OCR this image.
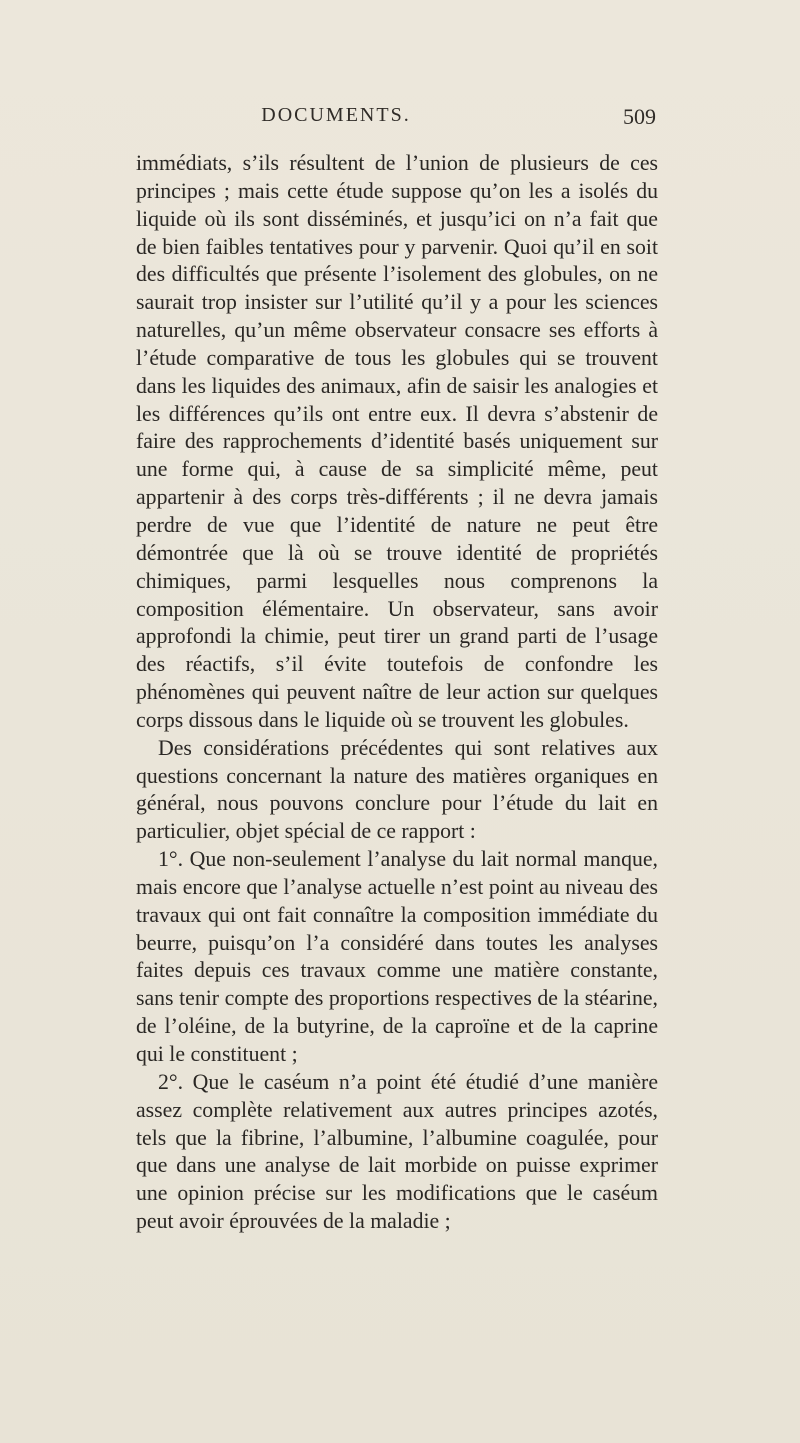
DOCUMENTS.	509

immédiats, s’ils résultent de l’union de plusieurs de ces principes ; mais cette étude suppose qu’on les a isolés du liquide où ils sont disséminés, et jusqu’ici on n’a fait que de bien faibles tentatives pour y parvenir. Quoi qu’il en soit des difficultés que présente l’isolement des globules, on ne saurait trop insister sur l’utilité qu’il y a pour les sciences naturelles, qu’un même observateur consacre ses efforts à l’étude comparative de tous les globules qui se trouvent dans les liquides des animaux, afin de saisir les analogies et les différences qu’ils ont entre eux. Il devra s’abstenir de faire des rapprochements d’identité basés uniquement sur une forme qui, à cause de sa simplicité même, peut appartenir à des corps très-différents ; il ne devra jamais perdre de vue que l’identité de nature ne peut être démontrée que là où se trouve identité de propriétés chimiques, parmi lesquelles nous comprenons la composition élémentaire. Un observateur, sans avoir approfondi la chimie, peut tirer un grand parti de l’usage des réactifs, s’il évite toutefois de confondre les phénomènes qui peuvent naître de leur action sur quelques corps dissous dans le liquide où se trouvent les globules.

Des considérations précédentes qui sont relatives aux questions concernant la nature des matières organiques en général, nous pouvons conclure pour l’étude du lait en particulier, objet spécial de ce rapport :

1°. Que non-seulement l’analyse du lait normal manque, mais encore que l’analyse actuelle n’est point au niveau des travaux qui ont fait connaître la composition immédiate du beurre, puisqu’on l’a considéré dans toutes les analyses faites depuis ces travaux comme une matière constante, sans tenir compte des proportions respectives de la stéarine, de l’oléine, de la butyrine, de la caproïne et de la caprine qui le constituent ;

2°. Que le caséum n’a point été étudié d’une manière assez complète relativement aux autres principes azotés, tels que la fibrine, l’albumine, l’albumine coagulée, pour que dans une analyse de lait morbide on puisse exprimer une opinion précise sur les modifications que le caséum peut avoir éprouvées de la maladie ;
